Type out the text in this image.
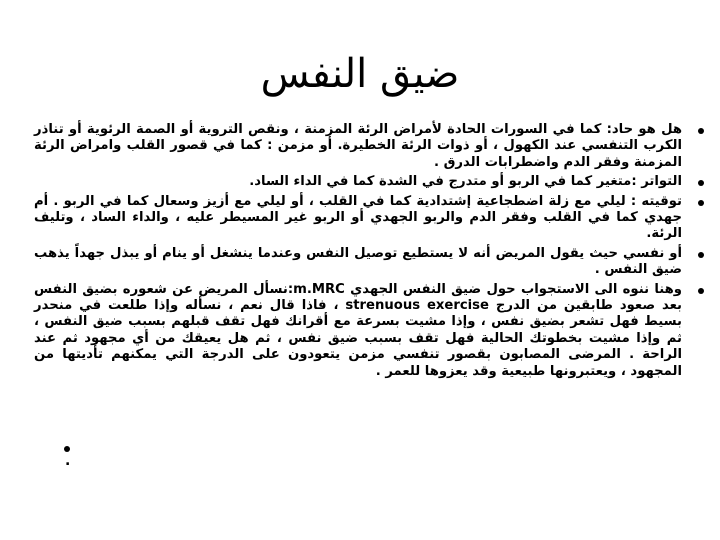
ضيق النفس
هل هو حاد: كما في السورات الحادة لأمراض الرئة المزمنة ، ونقص التروية أو الصمة الرئوية أو تناذر الكرب التنفسي عند الكهول ، أو ذوات الرئة الخطيرة. أو مزمن : كما في قصور القلب وامراض الرئة المزمنة وفقر الدم واضطرابات الدرق .
التواتر :متغير كما في الربو أو متدرج في الشدة كما في الداء الساد.
توقيته : ليلي مع زلة اضطجاعية إشتدادية كما في القلب ، أو ليلي مع أزيز وسعال كما في الربو . أم جهدي كما في القلب وفقر الدم والربو الجهدي أو الربو غير المسيطر عليه ، والداء الساد ، وتليف الرئة.
أو نفسي حيث يقول المريض أنه لا يستطيع توصيل النفس وعندما ينشغل أو ينام أو يبذل جهداً يذهب ضيق النفس .
وهنا ننوه الى الاستجواب حول ضيق النفس الجهدي m.MRC:نسأل المريض عن شعوره بضيق النفس بعد صعود طابقين من الدرج strenuous exercise ، فاذا قال نعم ، نسأله وإذا طلعت في منحدر بسيط فهل تشعر بضيق نفس ، وإذا مشيت بسرعة مع أقرانك فهل تقف قبلهم بسبب ضيق النفس ، ثم وإذا مشيت بخطوتك الحالية فهل تقف بسبب ضيق نفس ، ثم هل يعيقك من أي مجهود ثم عند الراحة . المرضى المصابون بقصور تنفسي مزمن يتعودون على الدرجة التي يمكنهم تأديتها من المجهود ، ويعتبرونها طبيعية وقد يعزوها للعمر .
.
